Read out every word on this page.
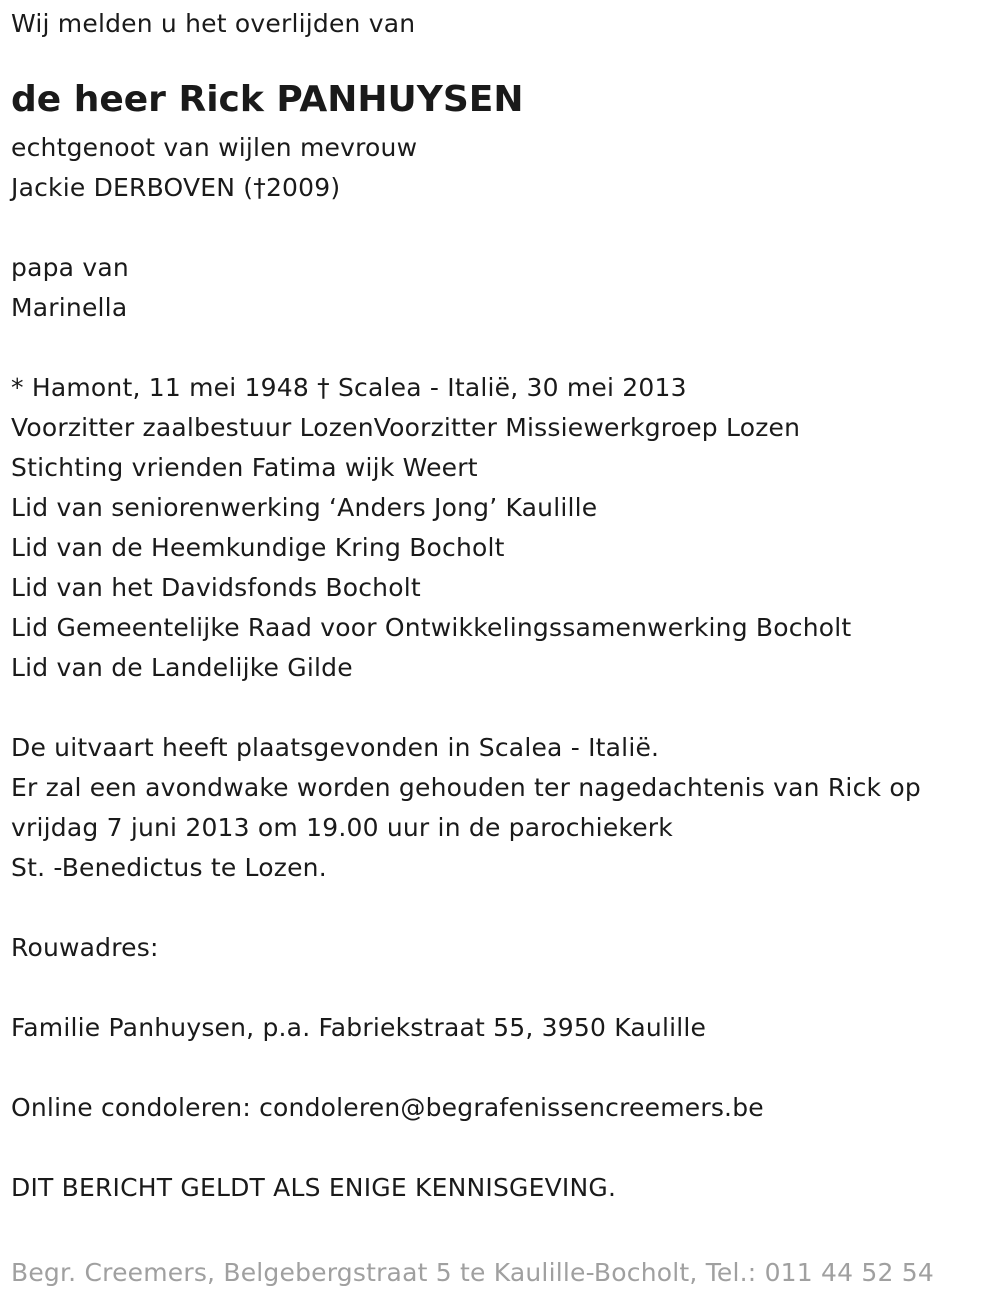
Wij melden u het overlijden van
de heer Rick PANHUYSEN
echtgenoot van wijlen mevrouw
Jackie DERBOVEN (†2009)
papa van
Marinella
* Hamont, 11 mei 1948 † Scalea - Italië, 30 mei 2013
Voorzitter zaalbestuur LozenVoorzitter Missiewerkgroep Lozen
Stichting vrienden Fatima wijk Weert
Lid van seniorenwerking ‘Anders Jong’ Kaulille
Lid van de Heemkundige Kring Bocholt
Lid van het Davidsfonds Bocholt
Lid Gemeentelijke Raad voor Ontwikkelingssamenwerking Bocholt
Lid van de Landelijke Gilde
De uitvaart heeft plaatsgevonden in Scalea - Italië.
Er zal een avondwake worden gehouden ter nagedachtenis van Rick op
vrijdag 7 juni 2013 om 19.00 uur in de parochiekerk
St. -Benedictus te Lozen.
Rouwadres:
Familie Panhuysen, p.a. Fabriekstraat 55, 3950 Kaulille
Online condoleren: condoleren@begrafenissencreemers.be
DIT BERICHT GELDT ALS ENIGE KENNISGEVING.
Begr. Creemers, Belgebergstraat 5 te Kaulille-Bocholt, Tel.: 011 44 52 54
